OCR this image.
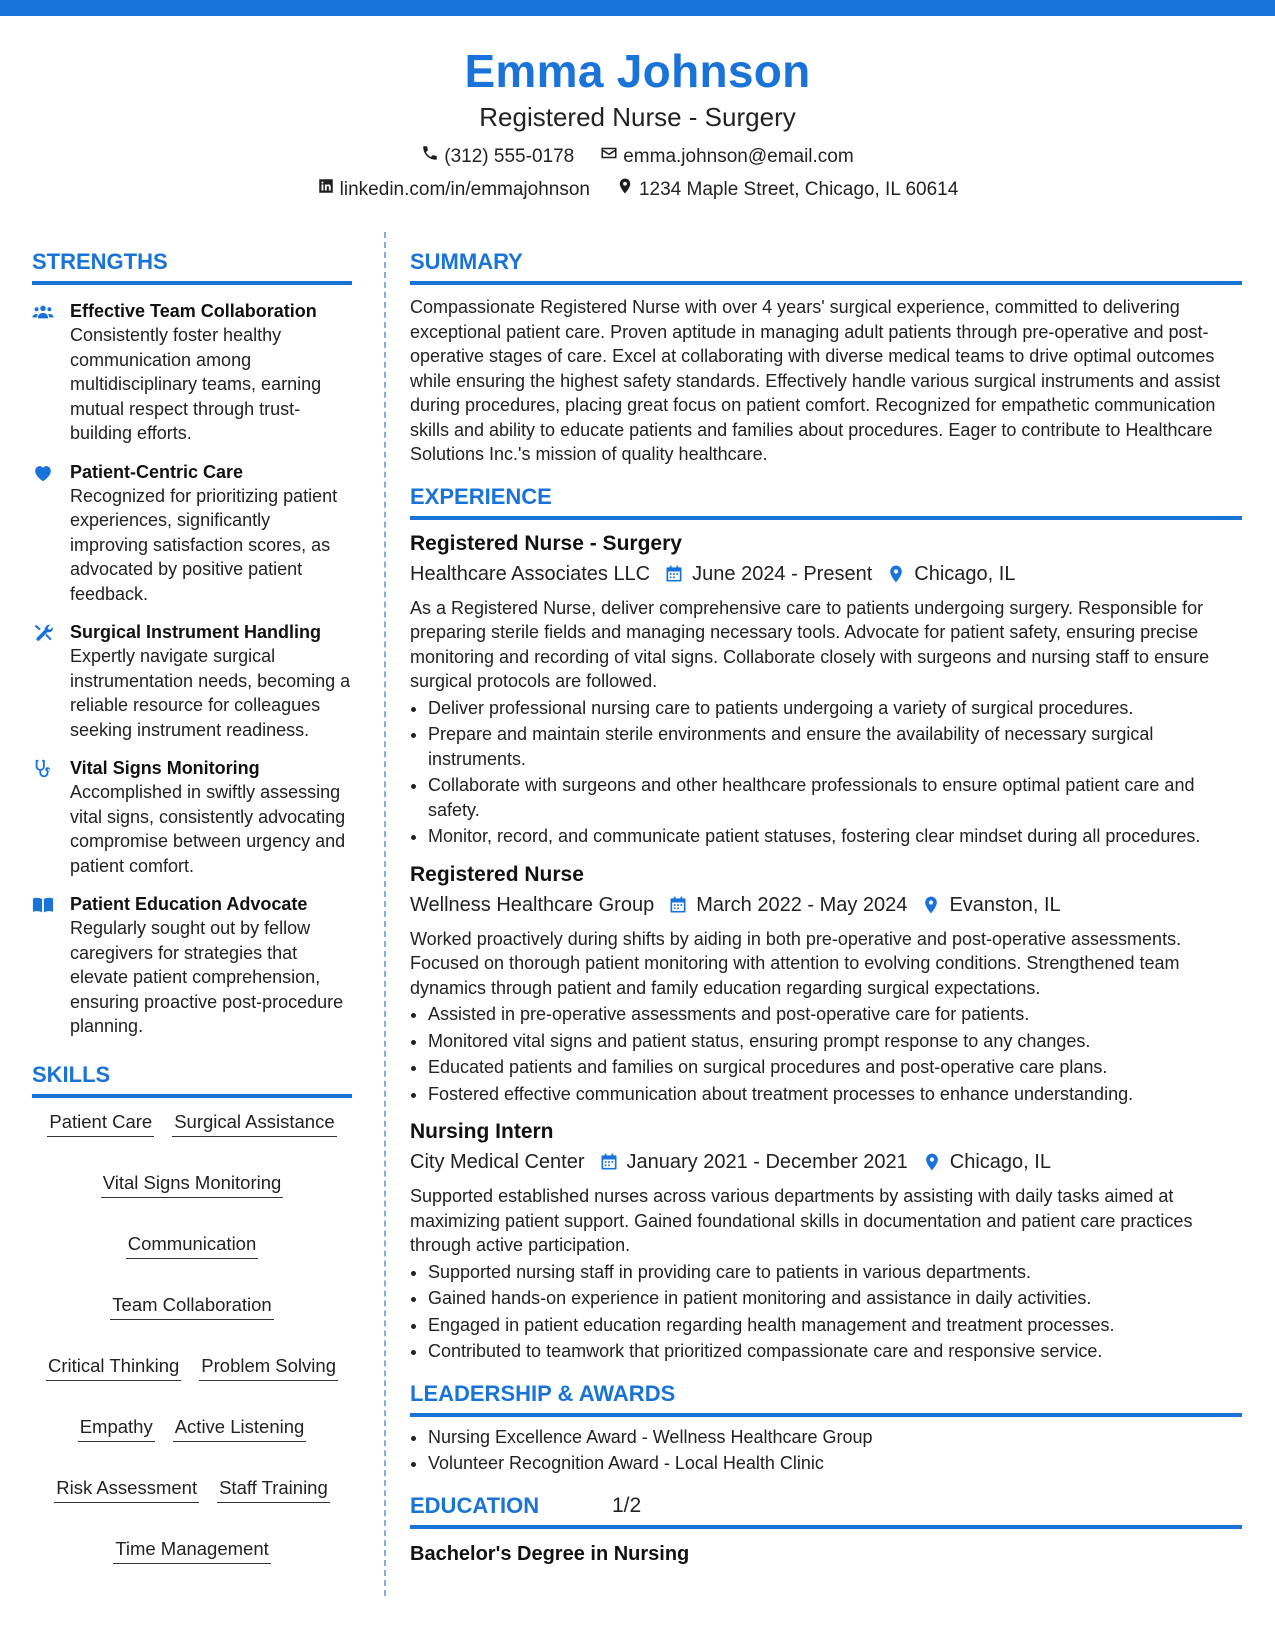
Emma Johnson
Registered Nurse - Surgery
(312) 555-0178	emma.johnson@email.com
linkedin.com/in/emmajohnson	1234 Maple Street, Chicago, IL 60614
STRENGTHS
Effective Team Collaboration
Consistently foster healthy communication among multidisciplinary teams, earning mutual respect through trust-building efforts.
Patient-Centric Care
Recognized for prioritizing patient experiences, significantly improving satisfaction scores, as advocated by positive patient feedback.
Surgical Instrument Handling
Expertly navigate surgical instrumentation needs, becoming a reliable resource for colleagues seeking instrument readiness.
Vital Signs Monitoring
Accomplished in swiftly assessing vital signs, consistently advocating compromise between urgency and patient comfort.
Patient Education Advocate
Regularly sought out by fellow caregivers for strategies that elevate patient comprehension, ensuring proactive post-procedure planning.
SKILLS
Patient Care Surgical Assistance
Vital Signs Monitoring
Communication
Team Collaboration
Critical Thinking Problem Solving
Empathy Active Listening
Risk Assessment Staff Training
Time Management
SUMMARY
Compassionate Registered Nurse with over 4 years' surgical experience, committed to delivering exceptional patient care. Proven aptitude in managing adult patients through pre-operative and post-operative stages of care. Excel at collaborating with diverse medical teams to drive optimal outcomes while ensuring the highest safety standards. Effectively handle various surgical instruments and assist during procedures, placing great focus on patient comfort. Recognized for empathetic communication skills and ability to educate patients and families about procedures. Eager to contribute to Healthcare Solutions Inc.'s mission of quality healthcare.
EXPERIENCE
Registered Nurse - Surgery
Healthcare Associates LLC June 2024 - Present Chicago, IL
As a Registered Nurse, deliver comprehensive care to patients undergoing surgery. Responsible for preparing sterile fields and managing necessary tools. Advocate for patient safety, ensuring precise monitoring and recording of vital signs. Collaborate closely with surgeons and nursing staff to ensure surgical protocols are followed.
• Deliver professional nursing care to patients undergoing a variety of surgical procedures.
• Prepare and maintain sterile environments and ensure the availability of necessary surgical instruments.
• Collaborate with surgeons and other healthcare professionals to ensure optimal patient care and safety.
• Monitor, record, and communicate patient statuses, fostering clear mindset during all procedures.
Registered Nurse
Wellness Healthcare Group March 2022 - May 2024 Evanston, IL
Worked proactively during shifts by aiding in both pre-operative and post-operative assessments. Focused on thorough patient monitoring with attention to evolving conditions. Strengthened team dynamics through patient and family education regarding surgical expectations.
• Assisted in pre-operative assessments and post-operative care for patients.
• Monitored vital signs and patient status, ensuring prompt response to any changes.
• Educated patients and families on surgical procedures and post-operative care plans.
• Fostered effective communication about treatment processes to enhance understanding.
Nursing Intern
City Medical Center January 2021 - December 2021 Chicago, IL
Supported established nurses across various departments by assisting with daily tasks aimed at maximizing patient support. Gained foundational skills in documentation and patient care practices through active participation.
• Supported nursing staff in providing care to patients in various departments.
• Gained hands-on experience in patient monitoring and assistance in daily activities.
• Engaged in patient education regarding health management and treatment processes.
• Contributed to teamwork that prioritized compassionate care and responsive service.
LEADERSHIP & AWARDS
• Nursing Excellence Award - Wellness Healthcare Group
• Volunteer Recognition Award - Local Health Clinic
EDUCATION
Bachelor's Degree in Nursing
1/2
